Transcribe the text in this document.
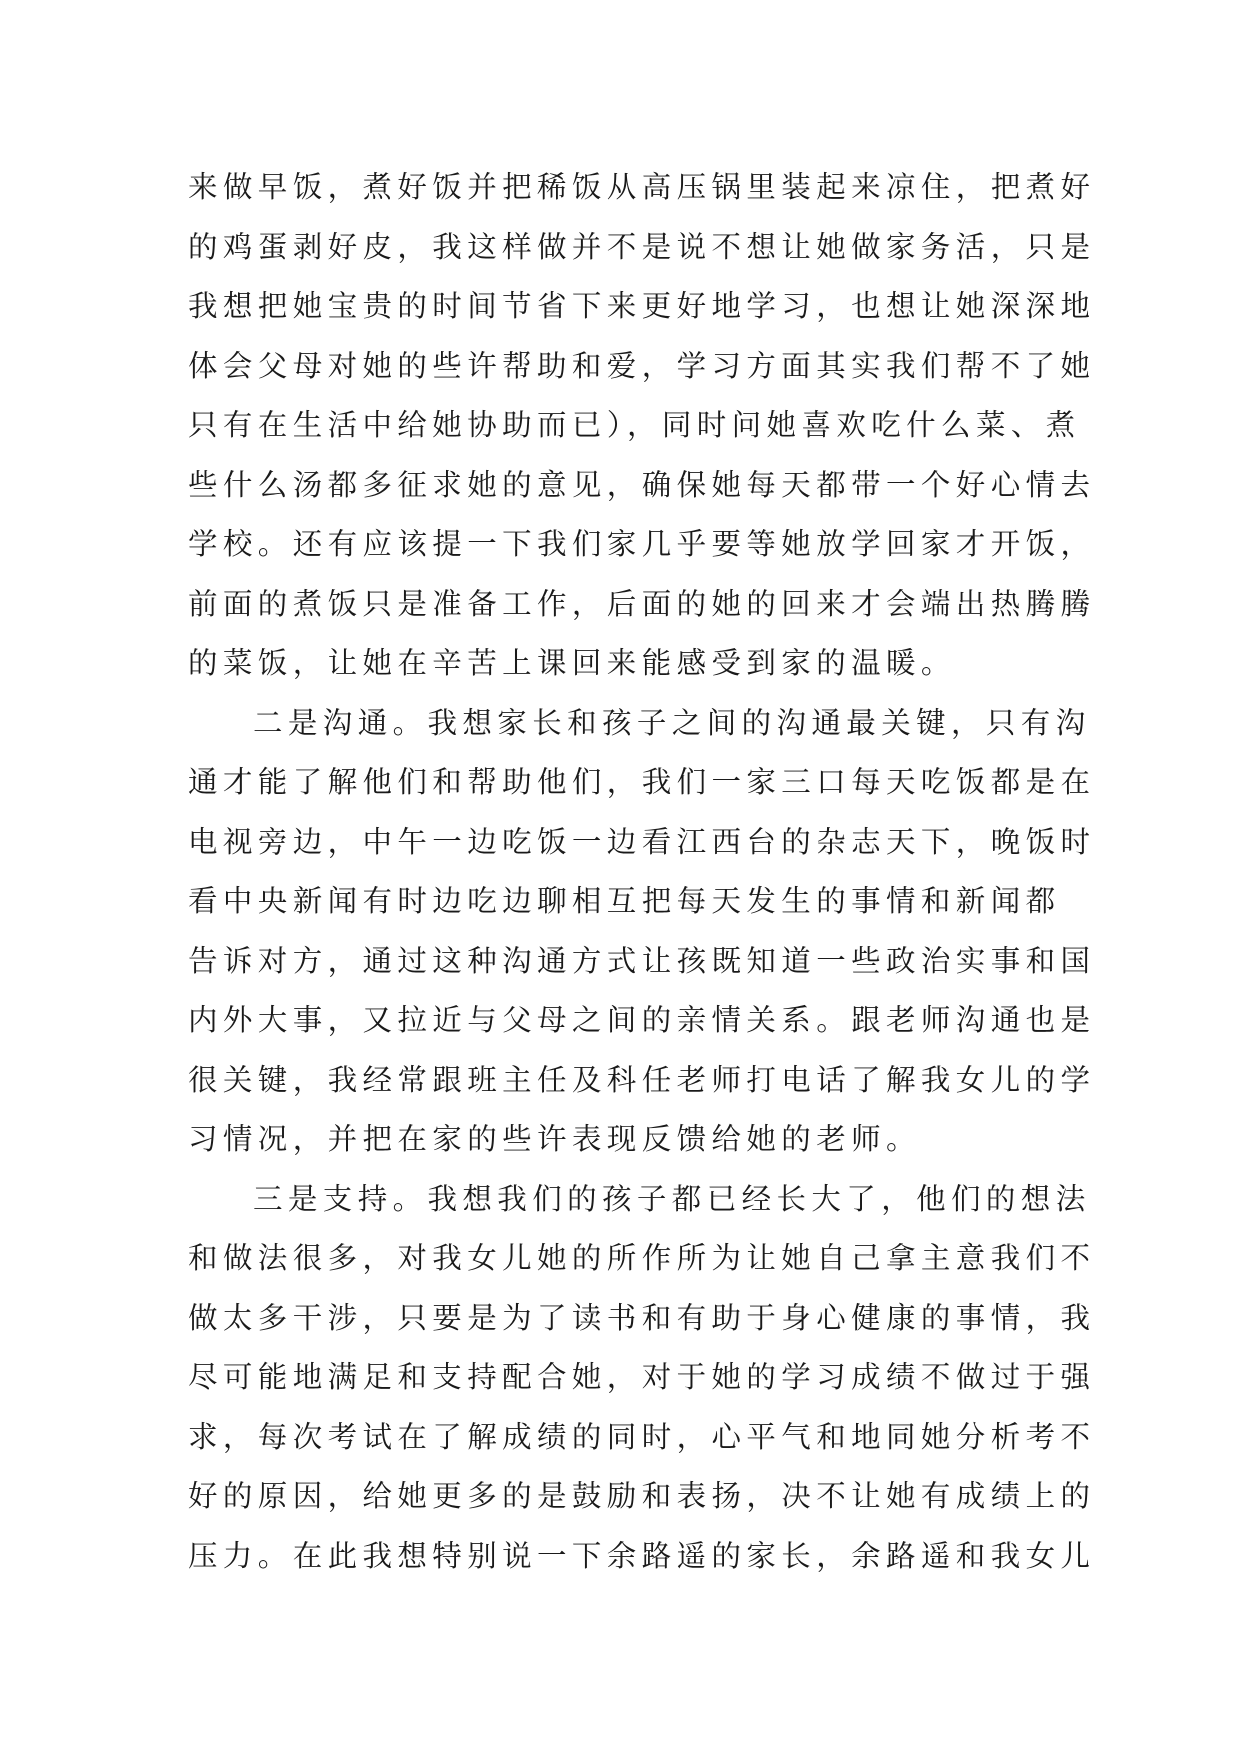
来做早饭，煮好饭并把稀饭从高压锅里装起来凉住，把煮好
的鸡蛋剥好皮，我这样做并不是说不想让她做家务活，只是
我想把她宝贵的时间节省下来更好地学习，也想让她深深地
体会父母对她的些许帮助和爱，学习方面其实我们帮不了她
只有在生活中给她协助而已），同时问她喜欢吃什么菜、煮
些什么汤都多征求她的意见，确保她每天都带一个好心情去
学校。还有应该提一下我们家几乎要等她放学回家才开饭，
前面的煮饭只是准备工作，后面的她的回来才会端出热腾腾
的菜饭，让她在辛苦上课回来能感受到家的温暖。
二是沟通。我想家长和孩子之间的沟通最关键，只有沟
通才能了解他们和帮助他们，我们一家三口每天吃饭都是在
电视旁边，中午一边吃饭一边看江西台的杂志天下，晚饭时
看中央新闻有时边吃边聊相互把每天发生的事情和新闻都
告诉对方，通过这种沟通方式让孩既知道一些政治实事和国
内外大事，又拉近与父母之间的亲情关系。跟老师沟通也是
很关键，我经常跟班主任及科任老师打电话了解我女儿的学
习情况，并把在家的些许表现反馈给她的老师。
三是支持。我想我们的孩子都已经长大了，他们的想法
和做法很多，对我女儿她的所作所为让她自己拿主意我们不
做太多干涉，只要是为了读书和有助于身心健康的事情，我
尽可能地满足和支持配合她，对于她的学习成绩不做过于强
求，每次考试在了解成绩的同时，心平气和地同她分析考不
好的原因，给她更多的是鼓励和表扬，决不让她有成绩上的
压力。在此我想特别说一下余路遥的家长，余路遥和我女儿
